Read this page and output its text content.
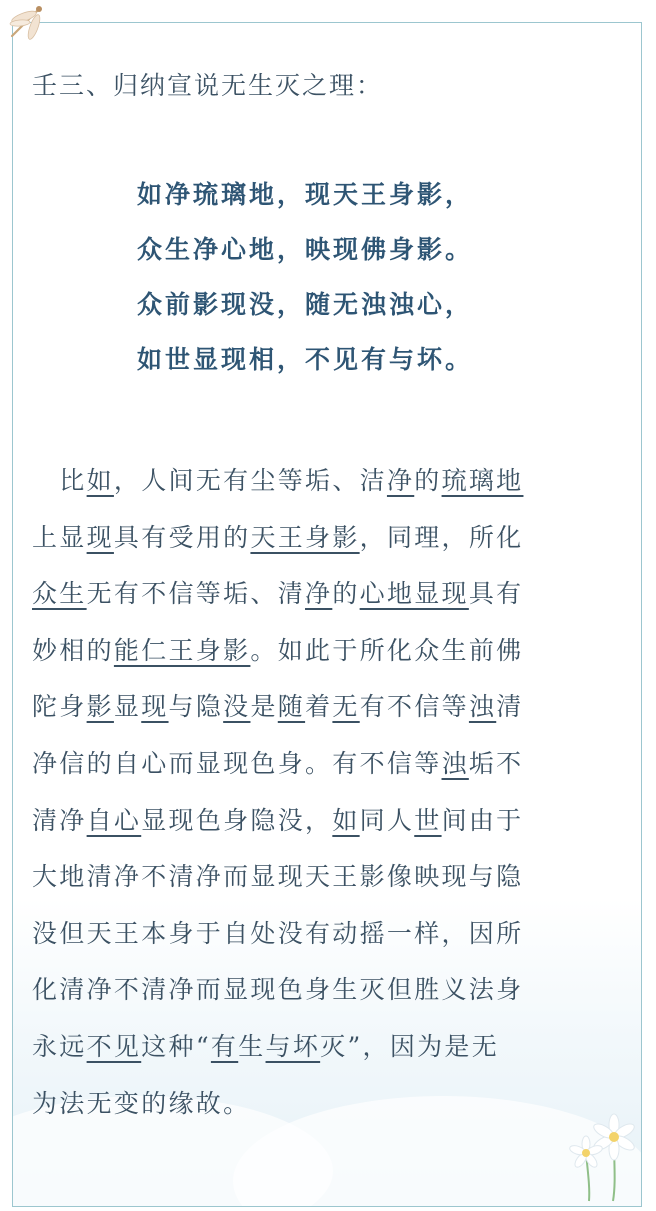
壬三、归纳宣说无生灭之理：
如净琉璃地，现天王身影，
众生净心地，映现佛身影。
众前影现没，随无浊浊心，
如世显现相，不见有与坏。
　比如，人间无有尘等垢、洁净的琉璃地
上显现具有受用的天王身影，同理，所化
众生无有不信等垢、清净的心地显现具有
妙相的能仁王身影。如此于所化众生前佛
陀身影显现与隐没是随着无有不信等浊清
净信的自心而显现色身。有不信等浊垢不
清净自心显现色身隐没，如同人世间由于
大地清净不清净而显现天王影像映现与隐
没但天王本身于自处没有动摇一样，因所
化清净不清净而显现色身生灭但胜义法身
永远不见这种“有生与坏灭”，因为是无
为法无变的缘故。
